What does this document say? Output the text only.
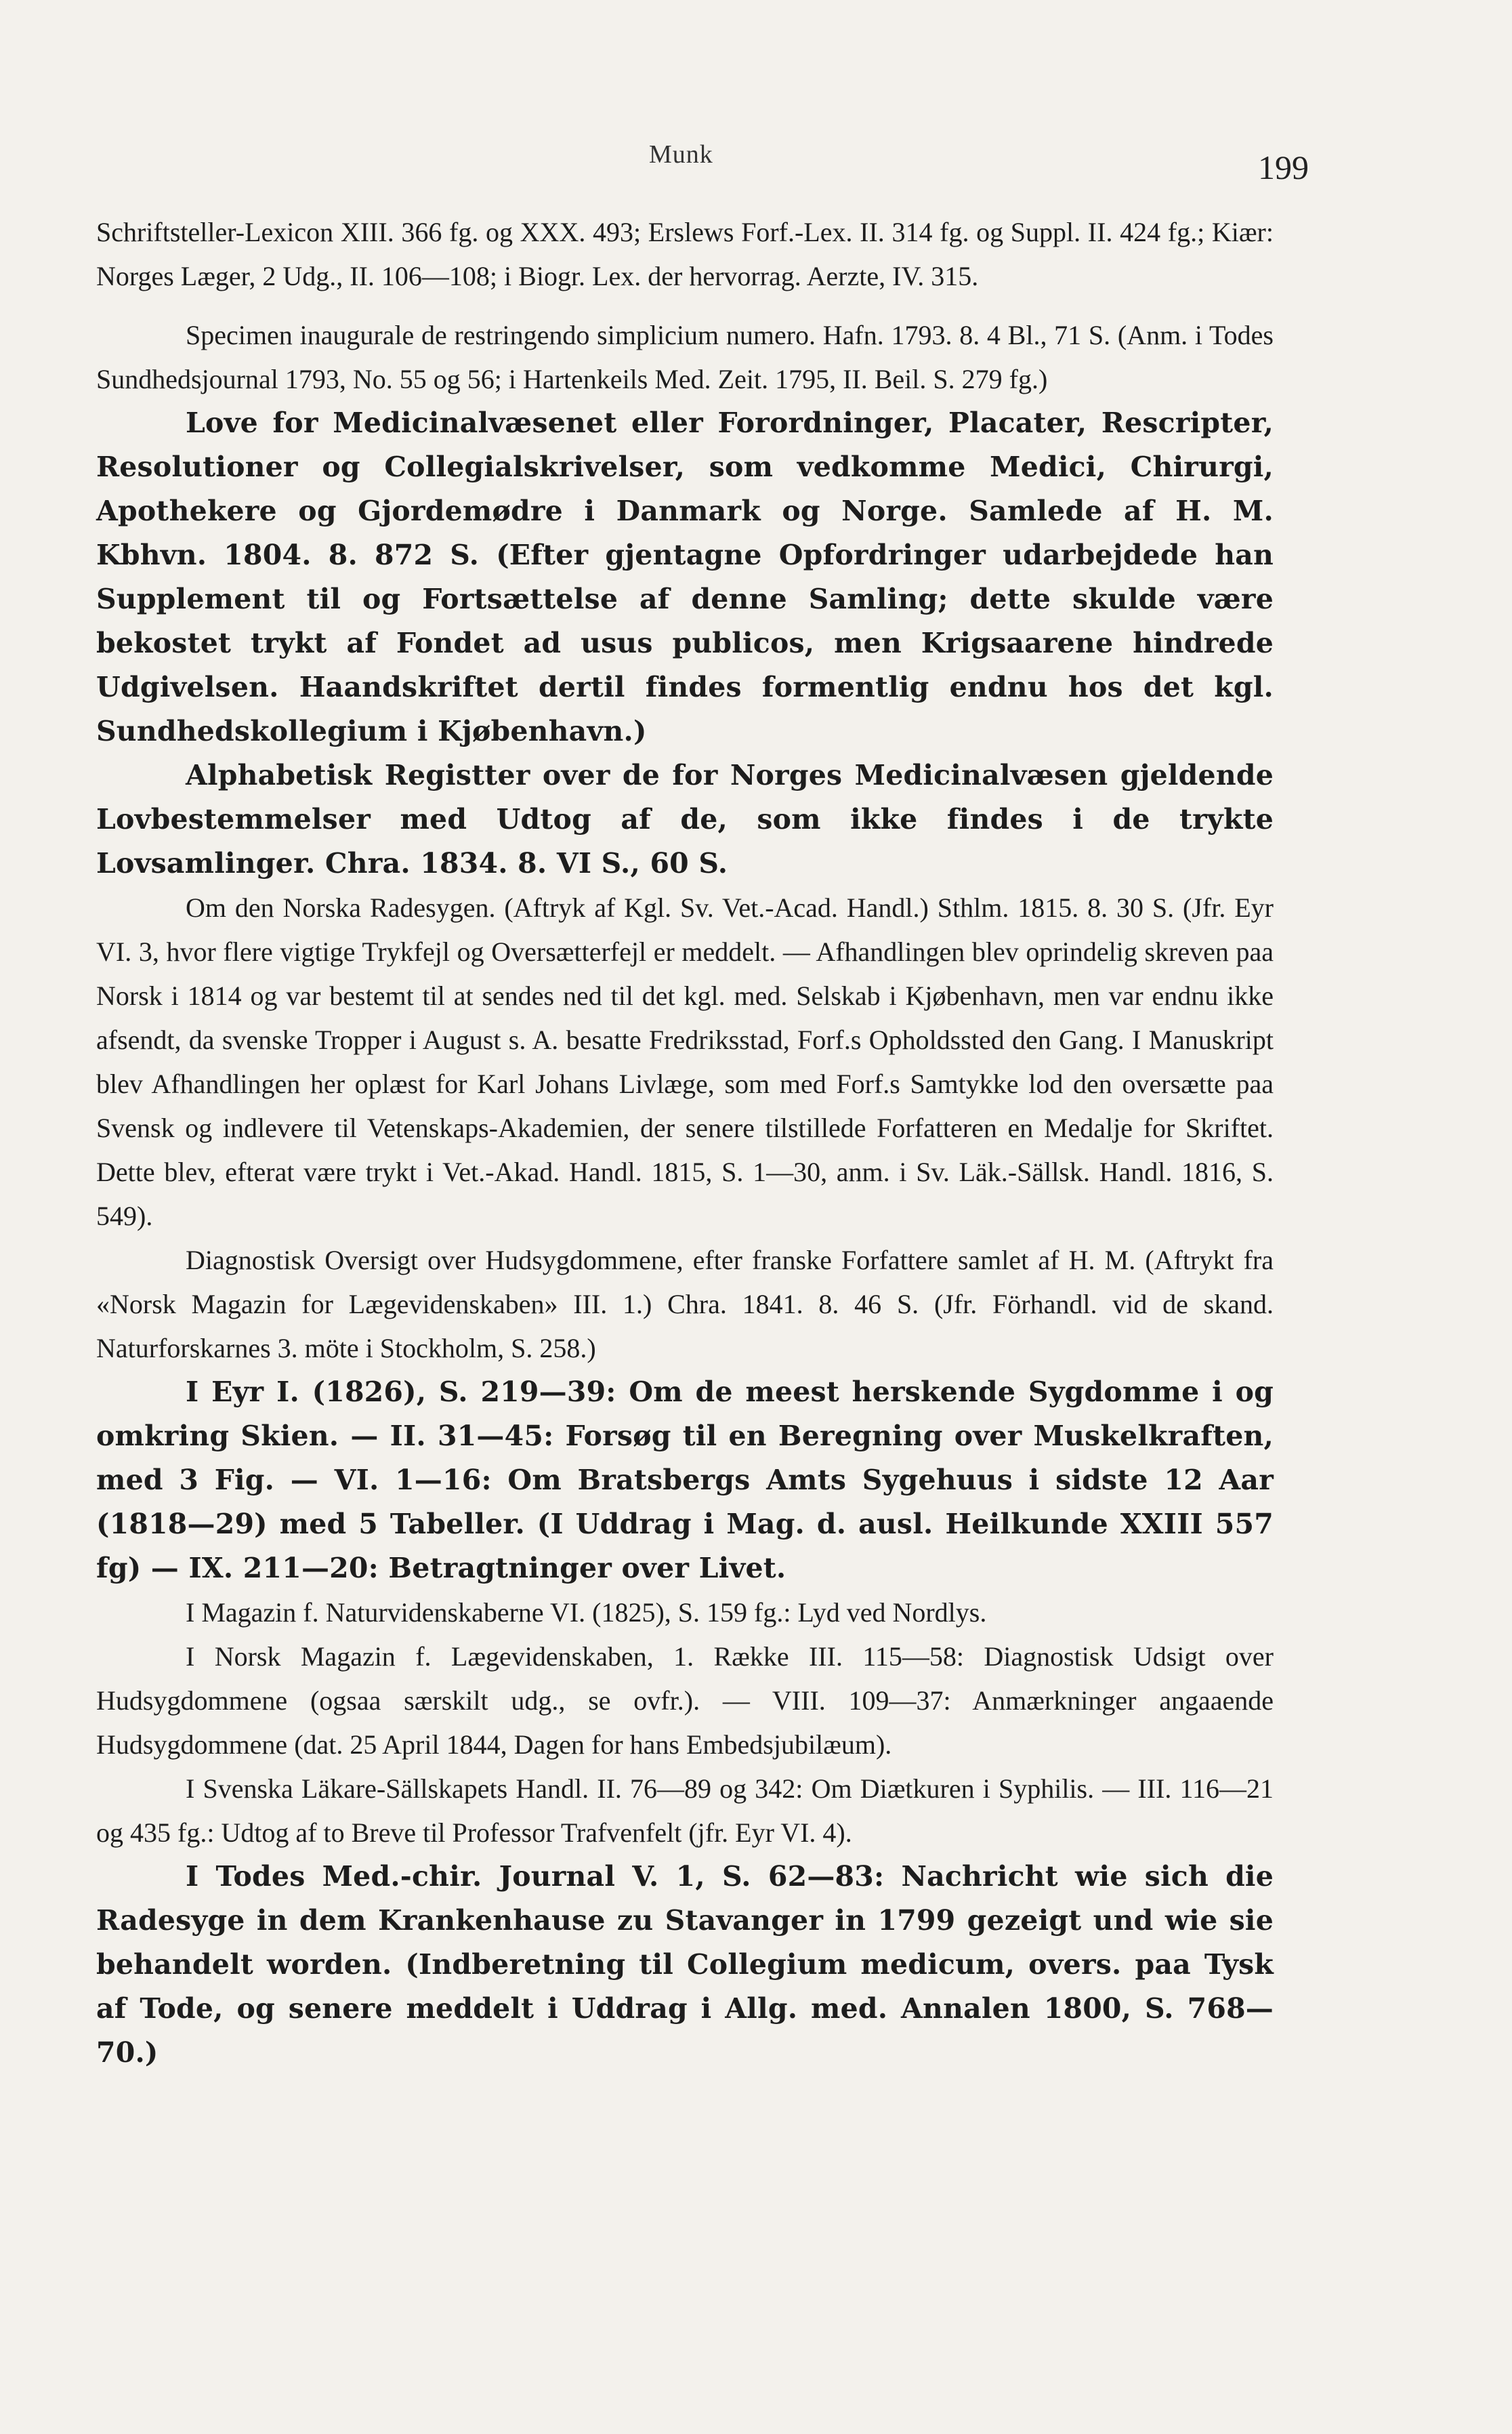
Munk	199

Schriftsteller-Lexicon XIII. 366 fg. og XXX. 493; Erslews Forf.-Lex. II. 314 fg. og Suppl. II. 424 fg.; Kiær: Norges Læger, 2 Udg., II. 106—108; i Biogr. Lex. der hervorrag. Aerzte, IV. 315.

Specimen inaugurale de restringendo simplicium numero. Hafn. 1793. 8. 4 Bl., 71 S. (Anm. i Todes Sundhedsjournal 1793, No. 55 og 56; i Hartenkeils Med. Zeit. 1795, II. Beil. S. 279 fg.)

Love for Medicinalvæsenet eller Forordninger, Placater, Rescripter, Resolutioner og Collegialskrivelser, som vedkomme Medici, Chirurgi, Apothekere og Gjordemødre i Danmark og Norge. Samlede af H. M. Kbhvn. 1804. 8. 872 S. (Efter gjentagne Opfordringer udarbejdede han Supplement til og Fortsættelse af denne Samling; dette skulde være bekostet trykt af Fondet ad usus publicos, men Krigsaarene hindrede Udgivelsen. Haandskriftet dertil findes formentlig endnu hos det kgl. Sundhedskollegium i Kjøbenhavn.)

Alphabetisk Registter over de for Norges Medicinalvæsen gjeldende Lovbestemmelser med Udtog af de, som ikke findes i de trykte Lovsamlinger. Chra. 1834. 8. VI S., 60 S.

Om den Norska Radesygen. (Aftryk af Kgl. Sv. Vet.-Acad. Handl.) Sthlm. 1815. 8. 30 S. (Jfr. Eyr VI. 3, hvor flere vigtige Trykfejl og Oversætterfejl er meddelt. — Afhandlingen blev oprindelig skreven paa Norsk i 1814 og var bestemt til at sendes ned til det kgl. med. Selskab i Kjøbenhavn, men var endnu ikke afsendt, da svenske Tropper i August s. A. besatte Fredriksstad, Forf.s Opholdssted den Gang. I Manuskript blev Afhandlingen her oplæst for Karl Johans Livlæge, som med Forf.s Samtykke lod den oversætte paa Svensk og indlevere til Vetenskaps-Akademien, der senere tilstillede Forfatteren en Medalje for Skriftet. Dette blev, efterat være trykt i Vet.-Akad. Handl. 1815, S. 1—30, anm. i Sv. Läk.-Sällsk. Handl. 1816, S. 549).

Diagnostisk Oversigt over Hudsygdommene, efter franske Forfattere samlet af H. M. (Aftrykt fra «Norsk Magazin for Lægevidenskaben» III. 1.) Chra. 1841. 8. 46 S. (Jfr. Förhandl. vid de skand. Naturforskarnes 3. möte i Stockholm, S. 258.)

I Eyr I. (1826), S. 219—39: Om de meest herskende Sygdomme i og omkring Skien. — II. 31—45: Forsøg til en Beregning over Muskelkraften, med 3 Fig. — VI. 1—16: Om Bratsbergs Amts Sygehuus i sidste 12 Aar (1818—29) med 5 Tabeller. (I Uddrag i Mag. d. ausl. Heilkunde XXIII 557 fg) — IX. 211—20: Betragtninger over Livet.

I Magazin f. Naturvidenskaberne VI. (1825), S. 159 fg.: Lyd ved Nordlys.

I Norsk Magazin f. Lægevidenskaben, 1. Række III. 115—58: Diagnostisk Udsigt over Hudsygdommene (ogsaa særskilt udg., se ovfr.). — VIII. 109—37: Anmærkninger angaaende Hudsygdommene (dat. 25 April 1844, Dagen for hans Embedsjubilæum).

I Svenska Läkare-Sällskapets Handl. II. 76—89 og 342: Om Diætkuren i Syphilis. — III. 116—21 og 435 fg.: Udtog af to Breve til Professor Trafvenfelt (jfr. Eyr VI. 4).

I Todes Med.-chir. Journal V. 1, S. 62—83: Nachricht wie sich die Radesyge in dem Krankenhause zu Stavanger in 1799 gezeigt und wie sie behandelt worden. (Indberetning til Collegium medicum, overs. paa Tysk af Tode, og senere meddelt i Uddrag i Allg. med. Annalen 1800, S. 768—70.)
